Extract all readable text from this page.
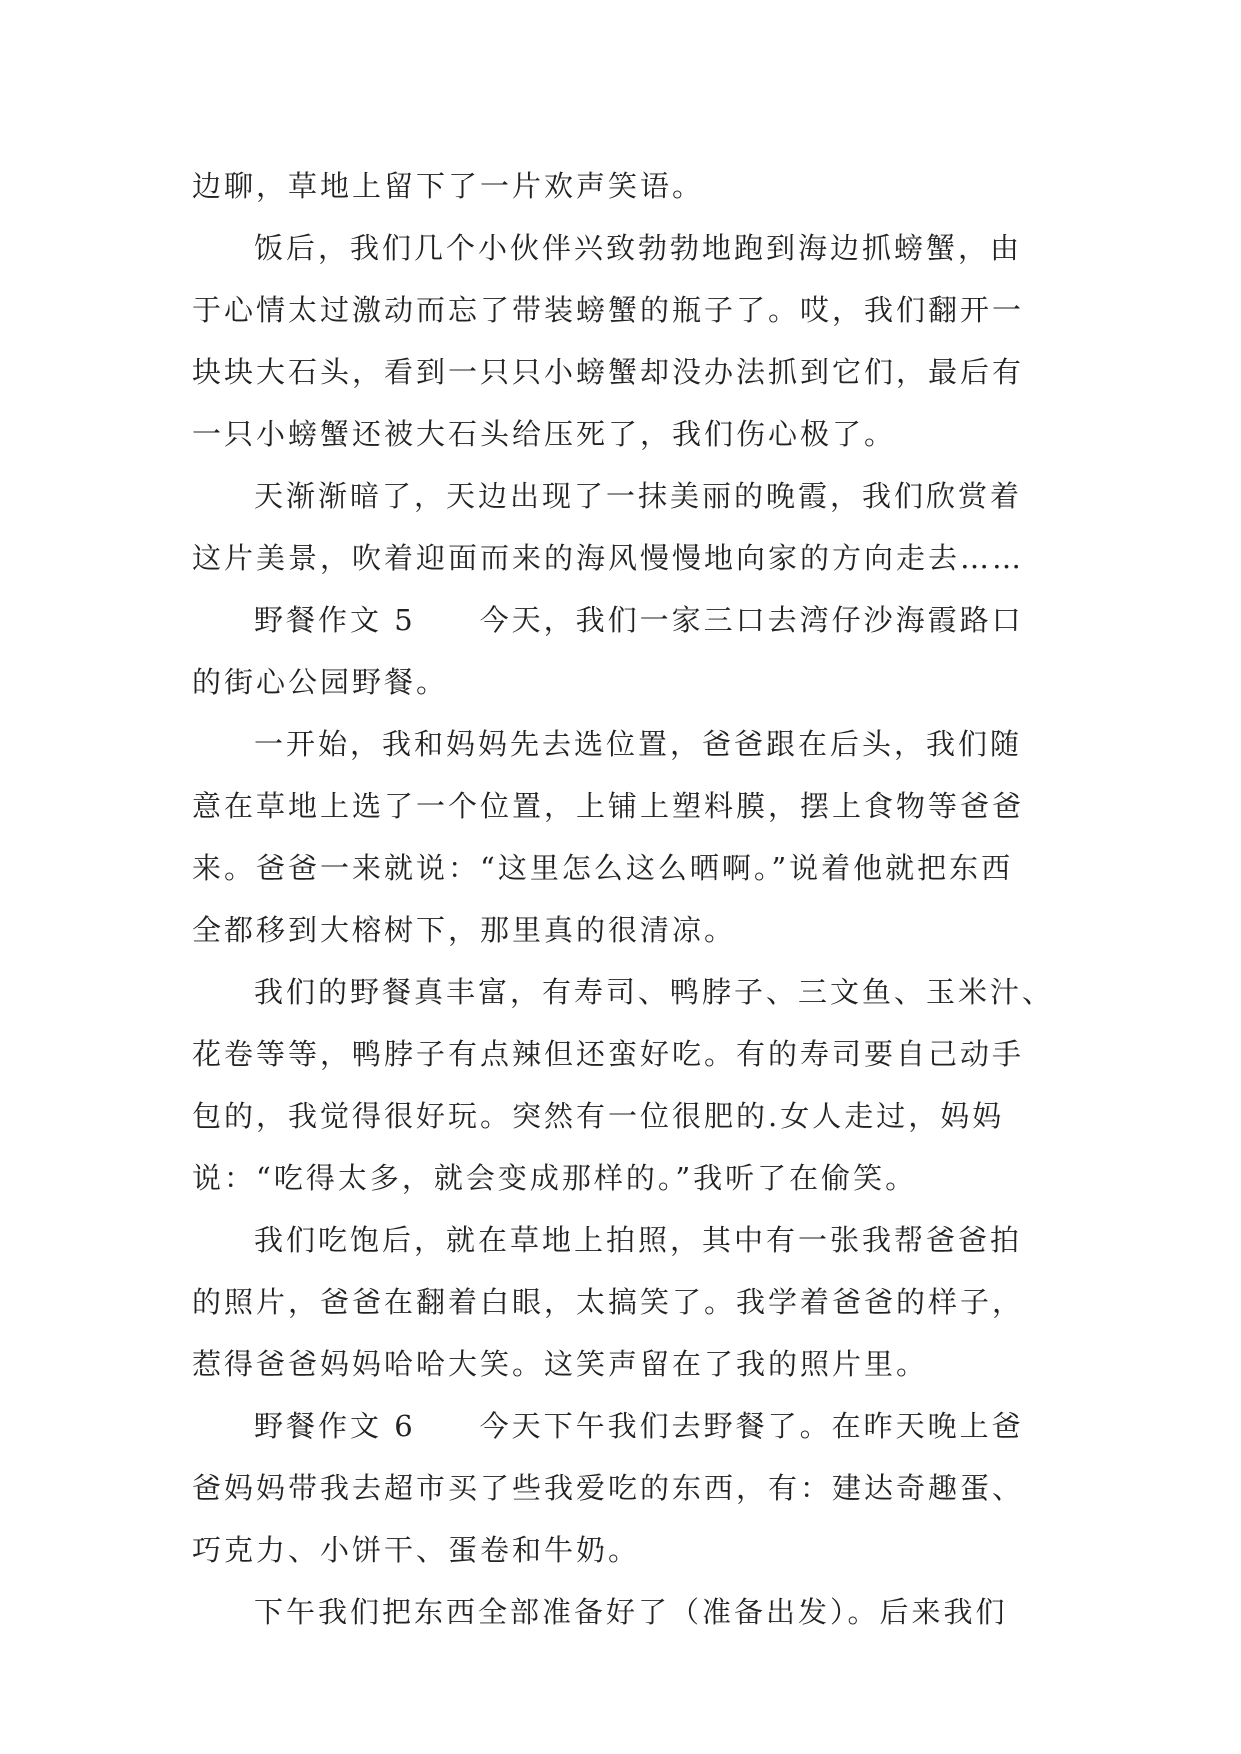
边聊，草地上留下了一片欢声笑语。
饭后，我们几个小伙伴兴致勃勃地跑到海边抓螃蟹，由
于心情太过激动而忘了带装螃蟹的瓶子了。哎，我们翻开一
块块大石头，看到一只只小螃蟹却没办法抓到它们，最后有
一只小螃蟹还被大石头给压死了，我们伤心极了。
天渐渐暗了，天边出现了一抹美丽的晚霞，我们欣赏着
这片美景，吹着迎面而来的海风慢慢地向家的方向走去……
野餐作文 5　　今天，我们一家三口去湾仔沙海霞路口
的街心公园野餐。
一开始，我和妈妈先去选位置，爸爸跟在后头，我们随
意在草地上选了一个位置，上铺上塑料膜，摆上食物等爸爸
来。爸爸一来就说：“这里怎么这么晒啊。”说着他就把东西
全都移到大榕树下，那里真的很清凉。
我们的野餐真丰富，有寿司、鸭脖子、三文鱼、玉米汁、
花卷等等，鸭脖子有点辣但还蛮好吃。有的寿司要自己动手
包的，我觉得很好玩。突然有一位很肥的.女人走过，妈妈
说：“吃得太多，就会变成那样的。”我听了在偷笑。
我们吃饱后，就在草地上拍照，其中有一张我帮爸爸拍
的照片，爸爸在翻着白眼，太搞笑了。我学着爸爸的样子，
惹得爸爸妈妈哈哈大笑。这笑声留在了我的照片里。
野餐作文 6　　今天下午我们去野餐了。在昨天晚上爸
爸妈妈带我去超市买了些我爱吃的东西，有：建达奇趣蛋、
巧克力、小饼干、蛋卷和牛奶。
下午我们把东西全部准备好了（准备出发）。后来我们
